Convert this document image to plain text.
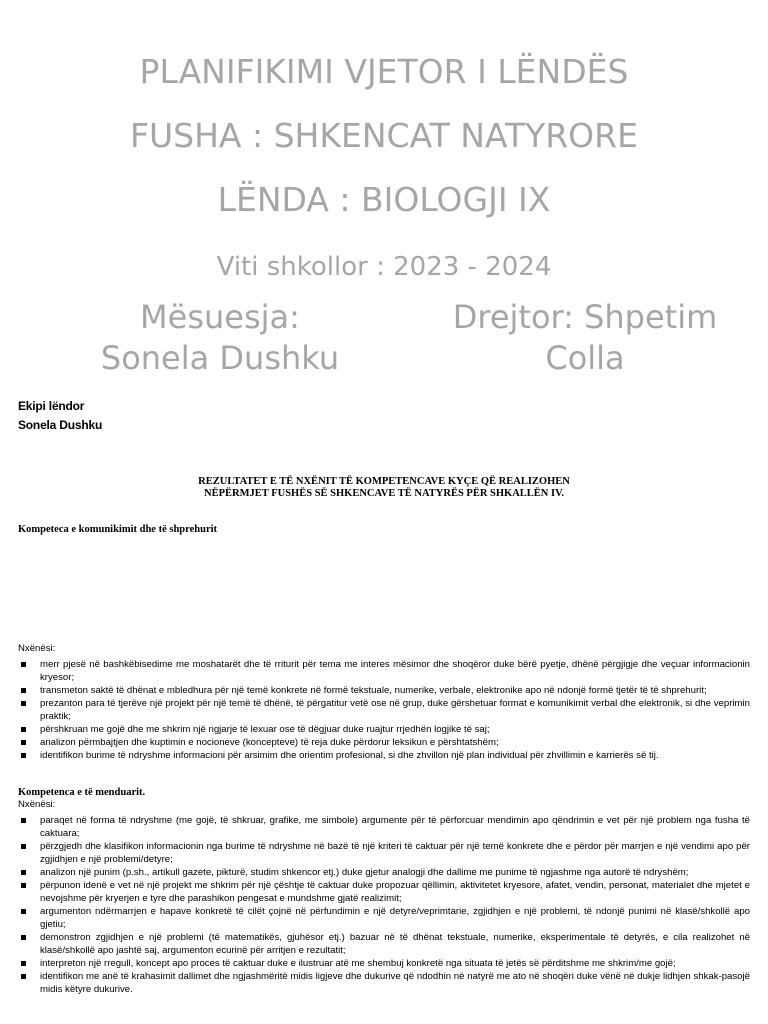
PLANIFIKIMI VJETOR I LËNDËS
FUSHA : SHKENCAT NATYRORE
LËNDA : BIOLOGJI IX
Viti shkollor : 2023 - 2024
Mësuesja:
Sonela Dushku
Drejtor: Shpetim
Colla
Ekipi lëndor
Sonela Dushku
REZULTATET E TË NXËNIT TË KOMPETENCAVE KYÇE QË REALIZOHEN
NËPËRMJET FUSHËS SË SHKENCAVE TË NATYRËS PËR SHKALLËN IV.
Kompeteca e komunikimit dhe të shprehurit
Nxënësi:
merr pjesë në bashkëbisedime me moshatarët dhe të rriturit për tema me interes mësimor dhe shoqëror duke bërë pyetje, dhënë përgjigje dhe veçuar informacionin kryesor;
transmeton saktë të dhënat e mbledhura për një temë konkrete në formë tekstuale, numerike, verbale, elektronike apo në ndonjë formë tjetër të të shprehurit;
prezanton para të tjerëve një projekt për një temë të dhënë, të përgatitur vetë ose në grup, duke gërshetuar format e komunikimit verbal dhe elektronik, si dhe veprimin praktik;
përshkruan me gojë dhe me shkrim një ngjarje të lexuar ose të dëgjuar duke ruajtur rrjedhën logjike të saj;
analizon përmbajtjen dhe kuptimin e nocioneve (koncepteve) të reja duke përdorur leksikun e përshtatshëm;
identifikon burime të ndryshme informacioni për arsimim dhe orientim profesional, si dhe zhvillon një plan individual për zhvillimin e karrierës së tij.
Kompetenca e të menduarit.
Nxënësi:
paraqet në forma të ndryshme (me gojë, të shkruar, grafike, me simbole) argumente për të përforcuar mendimin apo qëndrimin e vet për një problem nga fusha të caktuara;
përzgjedh dhe klasifikon informacionin nga burime të ndryshme në bazë të një kriteri të caktuar për një temë konkrete dhe e përdor për marrjen e një vendimi apo për zgjidhjen e një problemi/detyre;
analizon një punim (p.sh., artikull gazete, pikturë, studim shkencor etj.) duke gjetur analogji dhe dallime me punime të ngjashme nga autorë të ndryshëm;
përpunon idenë e vet në një projekt me shkrim për një çështje të caktuar duke propozuar qëllimin, aktivitetet kryesore, afatet, vendin, personat, materialet dhe mjetet e nevojshme për kryerjen e tyre dhe parashikon pengesat e mundshme gjatë realizimit;
argumenton ndërmarrjen e hapave konkretë të cilët çojnë në përfundimin e një detyre/veprimtarie, zgjidhjen e një problemi, të ndonjë punimi në klasë/shkollë apo gjetiu;
demonstron zgjidhjen e një problemi (të matematikës, gjuhësor etj.) bazuar në të dhënat tekstuale, numerike, eksperimentale të detyrës, e cila realizohet në klasë/shkollë apo jashtë saj, argumenton ecurinë për arritjen e rezultatit;
interpreton një rregull, koncept apo proces të caktuar duke e ilustruar atë me shembuj konkretë nga situata të jetës së përditshme me shkrim/me gojë;
identifikon me anë të krahasimit dallimet dhe ngjashmëritë midis ligjeve dhe dukurive që ndodhin në natyrë me ato në shoqëri duke vënë në dukje lidhjen shkak-pasojë midis këtyre dukurive.
